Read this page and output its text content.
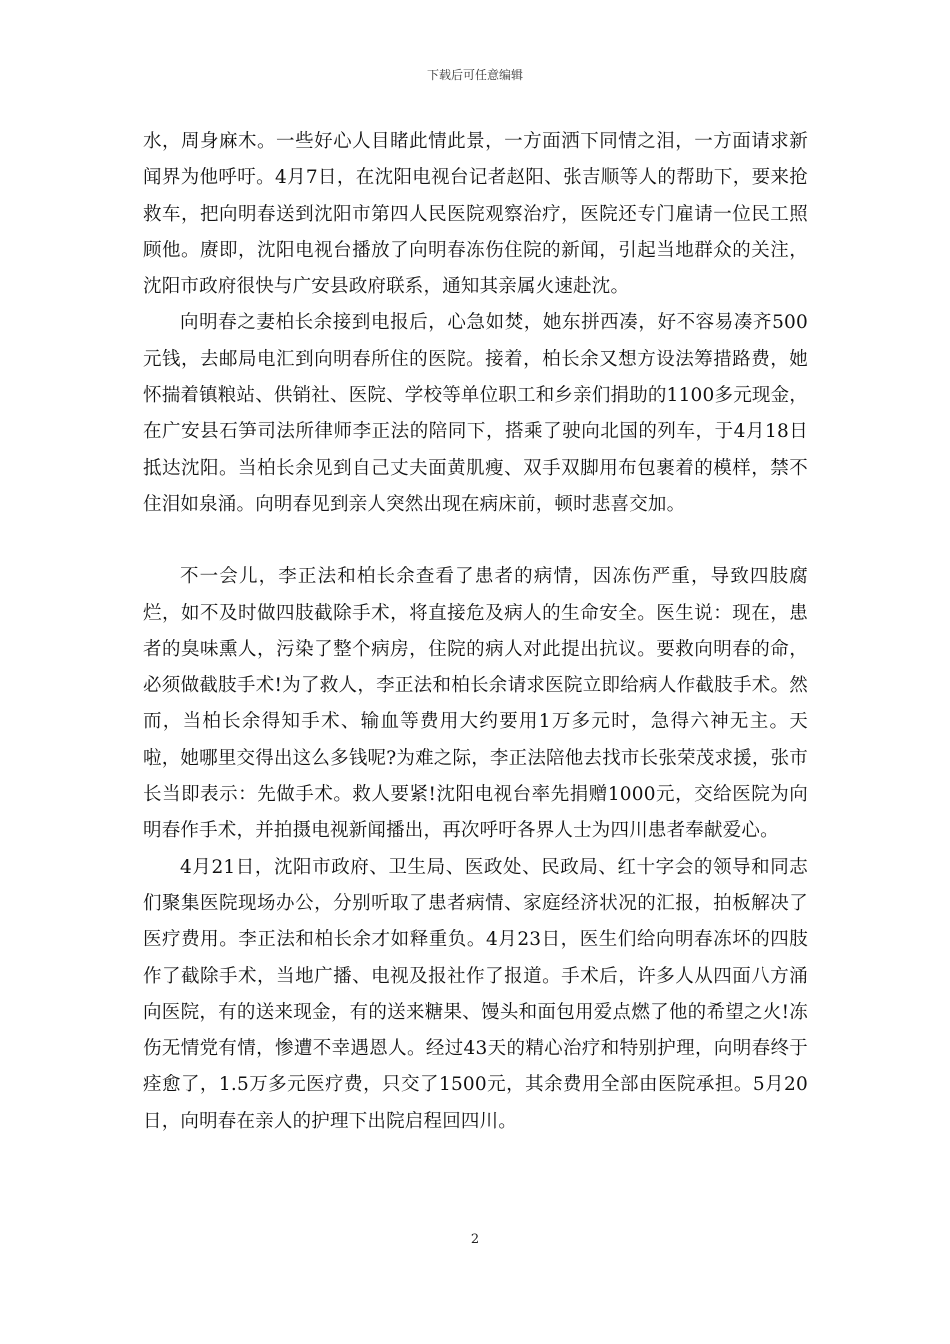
下载后可任意编辑

水，周身麻木。一些好心人目睹此情此景，一方面洒下同情之泪，一方面请求新闻界为他呼吁。4月7日，在沈阳电视台记者赵阳、张吉顺等人的帮助下，要来抢救车，把向明春送到沈阳市第四人民医院观察治疗，医院还专门雇请一位民工照顾他。赓即，沈阳电视台播放了向明春冻伤住院的新闻，引起当地群众的关注，沈阳市政府很快与广安县政府联系，通知其亲属火速赴沈。

向明春之妻柏长余接到电报后，心急如焚，她东拼西凑，好不容易凑齐500元钱，去邮局电汇到向明春所住的医院。接着，柏长余又想方设法筹措路费，她怀揣着镇粮站、供销社、医院、学校等单位职工和乡亲们捐助的1100多元现金，在广安县石笋司法所律师李正法的陪同下，搭乘了驶向北国的列车，于4月18日抵达沈阳。当柏长余见到自己丈夫面黄肌瘦、双手双脚用布包裹着的模样，禁不住泪如泉涌。向明春见到亲人突然出现在病床前，顿时悲喜交加。

不一会儿，李正法和柏长余查看了患者的病情，因冻伤严重，导致四肢腐烂，如不及时做四肢截除手术，将直接危及病人的生命安全。医生说：现在，患者的臭味熏人，污染了整个病房，住院的病人对此提出抗议。要救向明春的命，必须做截肢手术!为了救人，李正法和柏长余请求医院立即给病人作截肢手术。然而，当柏长余得知手术、输血等费用大约要用1万多元时，急得六神无主。天啦，她哪里交得出这么多钱呢?为难之际，李正法陪他去找市长张荣茂求援，张市长当即表示：先做手术。救人要紧!沈阳电视台率先捐赠1000元，交给医院为向明春作手术，并拍摄电视新闻播出，再次呼吁各界人士为四川患者奉献爱心。

4月21日，沈阳市政府、卫生局、医政处、民政局、红十字会的领导和同志们聚集医院现场办公，分别听取了患者病情、家庭经济状况的汇报，拍板解决了医疗费用。李正法和柏长余才如释重负。4月23日，医生们给向明春冻坏的四肢作了截除手术，当地广播、电视及报社作了报道。手术后，许多人从四面八方涌向医院，有的送来现金，有的送来糖果、馒头和面包用爱点燃了他的希望之火!冻伤无情党有情，惨遭不幸遇恩人。经过43天的精心治疗和特别护理，向明春终于痊愈了，1.5万多元医疗费，只交了1500元，其余费用全部由医院承担。5月20日，向明春在亲人的护理下出院启程回四川。

2
